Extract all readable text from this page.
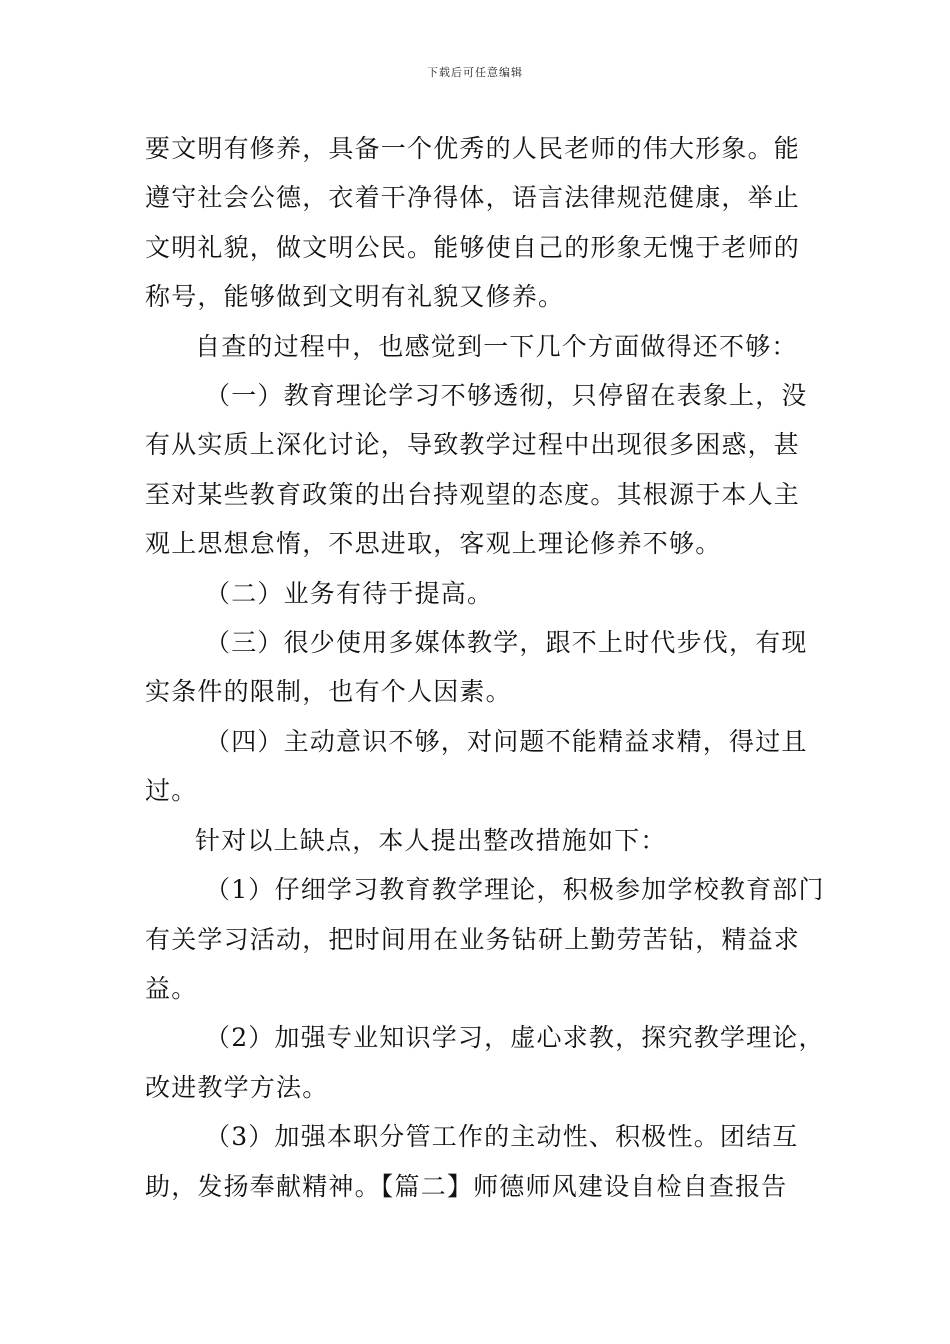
下载后可任意编辑

要文明有修养，具备一个优秀的人民老师的伟大形象。能遵守社会公德，衣着干净得体，语言法律规范健康，举止文明礼貌，做文明公民。能够使自己的形象无愧于老师的称号，能够做到文明有礼貌又修养。

自查的过程中，也感觉到一下几个方面做得还不够：

（一）教育理论学习不够透彻，只停留在表象上，没有从实质上深化讨论，导致教学过程中出现很多困惑，甚至对某些教育政策的出台持观望的态度。其根源于本人主观上思想怠惰，不思进取，客观上理论修养不够。

（二）业务有待于提高。

（三）很少使用多媒体教学，跟不上时代步伐，有现实条件的限制，也有个人因素。

（四）主动意识不够，对问题不能精益求精，得过且过。

针对以上缺点，本人提出整改措施如下：

（1）仔细学习教育教学理论，积极参加学校教育部门有关学习活动，把时间用在业务钻研上勤劳苦钻，精益求益。

（2）加强专业知识学习，虚心求教，探究教学理论，改进教学方法。

（3）加强本职分管工作的主动性、积极性。团结互助，发扬奉献精神。【篇二】师德师风建设自检自查报告
